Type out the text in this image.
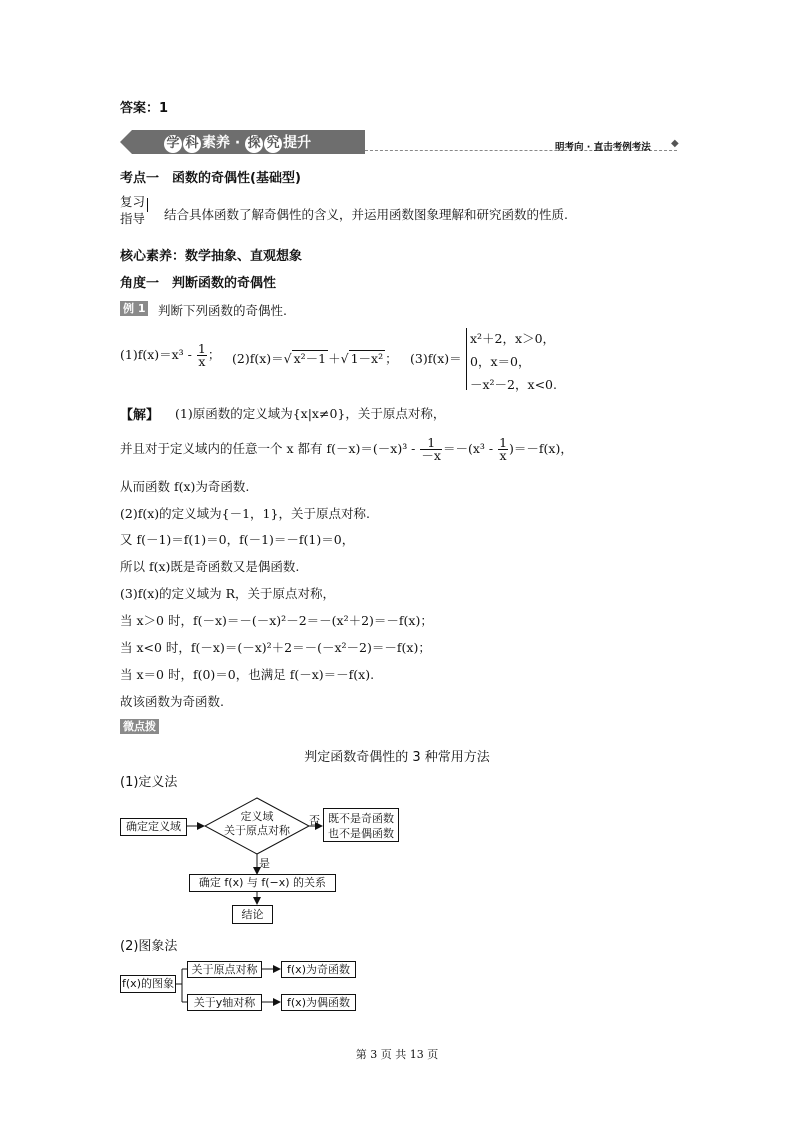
答案：1
学 科 素养 · 探 究 提升	明考向 · 直击考例考法 ◆
考点一　函数的奇偶性(基础型)
复习
指导 结合具体函数了解奇偶性的含义，并运用函数图象理解和研究函数的性质.
核心素养：数学抽象、直观想象
角度一　判断函数的奇偶性
例 1 判断下列函数的奇偶性.
$(1)f(x)=x^3 - \frac{1}{x}$ ； (2)f(x)＝√ x²－1 ＋√ 1－x² ； (3)f(x)＝
x²＋2，x＞0，
0，x＝0，
－x²－2，x<0.
【解】 (1)原函数的定义域为{x|x≠0}，关于原点对称，
并且对于定义域内的任意一个 x 都有 $f(-x)=(-x)^3 - \frac{1}{-x} =-(x^3 - \frac{1}{x} )=-f(x)$，
从而函数 f(x)为奇函数.
(2)f(x)的定义域为{－1，1}，关于原点对称.
又 f(－1)＝f(1)＝0，f(－1)＝－f(1)＝0，
所以 f(x)既是奇函数又是偶函数.
(3)f(x)的定义域为 R，关于原点对称，
当 x＞0 时，f(－x)＝－(－x)²－2＝－(x²＋2)＝－f(x)；
当 x<0 时，f(－x)＝(－x)²＋2＝－(－x²－2)＝－f(x)；
当 x＝0 时，f(0)＝0，也满足 f(－x)＝－f(x).
故该函数为奇函数.
微点拨
判定函数奇偶性的 3 种常用方法
(1)定义法
确定定义域
定义域
关于原点对称
否 既不是奇函数
也不是偶函数
是
确定 f(x) 与 f(−x) 的关系
结论
(2)图象法
f(x)的图象
关于原点对称	f(x)为奇函数
关于y轴对称	f(x)为偶函数
第 3 页 共 13 页
